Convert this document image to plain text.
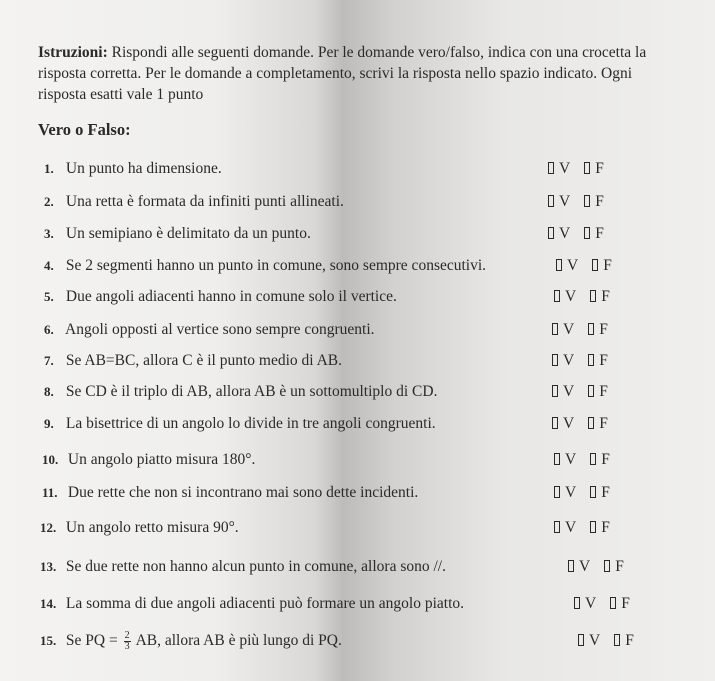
Istruzioni: Rispondi alle seguenti domande. Per le domande vero/falso, indica con una crocetta la risposta corretta. Per le domande a completamento, scrivi la risposta nello spazio indicato. Ogni risposta esatti vale 1 punto
Vero o Falso:
1. Un punto ha dimensione.	V F
2. Una retta è formata da infiniti punti allineati.	V F
3. Un semipiano è delimitato da un punto.	V F
4. Se 2 segmenti hanno un punto in comune, sono sempre consecutivi.	V F
5. Due angoli adiacenti hanno in comune solo il vertice.	V F
6. Angoli opposti al vertice sono sempre congruenti.	V F
7. Se AB=BC, allora C è il punto medio di AB.	V F
8. Se CD è il triplo di AB, allora AB è un sottomultiplo di CD.	V F
9. La bisettrice di un angolo lo divide in tre angoli congruenti.	V F
10. Un angolo piatto misura 180°.	V F
11. Due rette che non si incontrano mai sono dette incidenti.	V F
12. Un angolo retto misura 90°.	V F
13. Se due rette non hanno alcun punto in comune, allora sono //.	V F
14. La somma di due angoli adiacenti può formare un angolo piatto.	V F
15. Se PQ = $\frac{2}{3}$ AB, allora AB è più lungo di PQ.	V F
